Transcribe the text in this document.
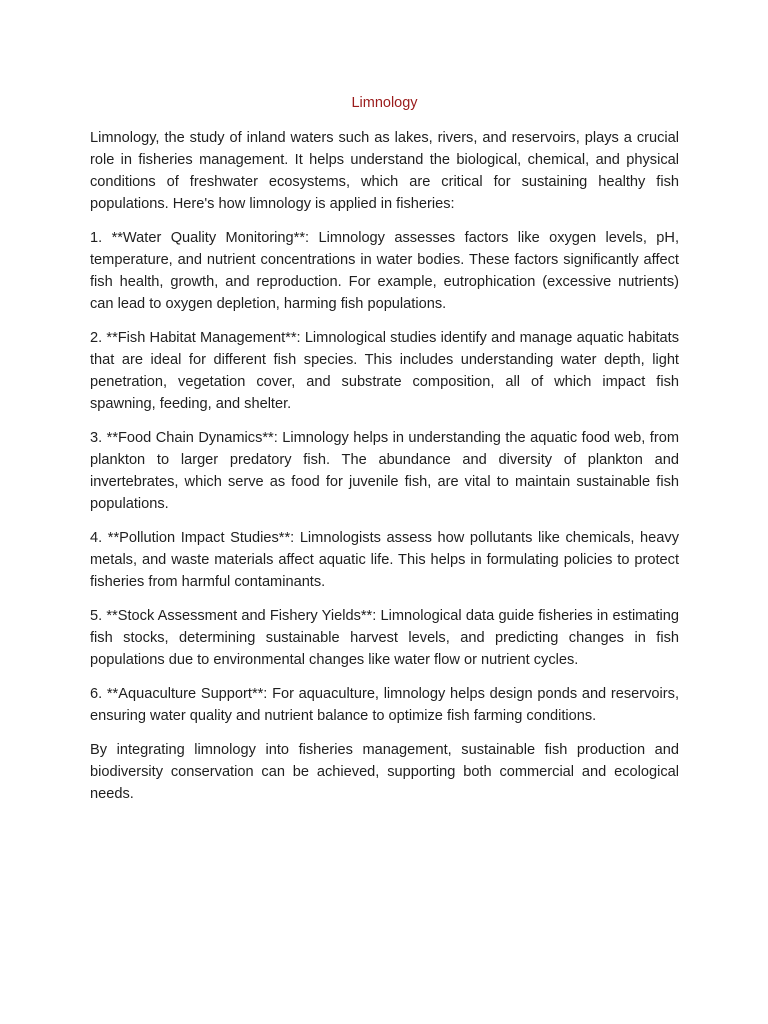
Limnology

Limnology, the study of inland waters such as lakes, rivers, and reservoirs, plays a crucial role in fisheries management. It helps understand the biological, chemical, and physical conditions of freshwater ecosystems, which are critical for sustaining healthy fish populations. Here's how limnology is applied in fisheries:

1. **Water Quality Monitoring**: Limnology assesses factors like oxygen levels, pH, temperature, and nutrient concentrations in water bodies. These factors significantly affect fish health, growth, and reproduction. For example, eutrophication (excessive nutrients) can lead to oxygen depletion, harming fish populations.

2. **Fish Habitat Management**: Limnological studies identify and manage aquatic habitats that are ideal for different fish species. This includes understanding water depth, light penetration, vegetation cover, and substrate composition, all of which impact fish spawning, feeding, and shelter.

3. **Food Chain Dynamics**: Limnology helps in understanding the aquatic food web, from plankton to larger predatory fish. The abundance and diversity of plankton and invertebrates, which serve as food for juvenile fish, are vital to maintain sustainable fish populations.

4. **Pollution Impact Studies**: Limnologists assess how pollutants like chemicals, heavy metals, and waste materials affect aquatic life. This helps in formulating policies to protect fisheries from harmful contaminants.

5. **Stock Assessment and Fishery Yields**: Limnological data guide fisheries in estimating fish stocks, determining sustainable harvest levels, and predicting changes in fish populations due to environmental changes like water flow or nutrient cycles.

6. **Aquaculture Support**: For aquaculture, limnology helps design ponds and reservoirs, ensuring water quality and nutrient balance to optimize fish farming conditions.

By integrating limnology into fisheries management, sustainable fish production and biodiversity conservation can be achieved, supporting both commercial and ecological needs.
